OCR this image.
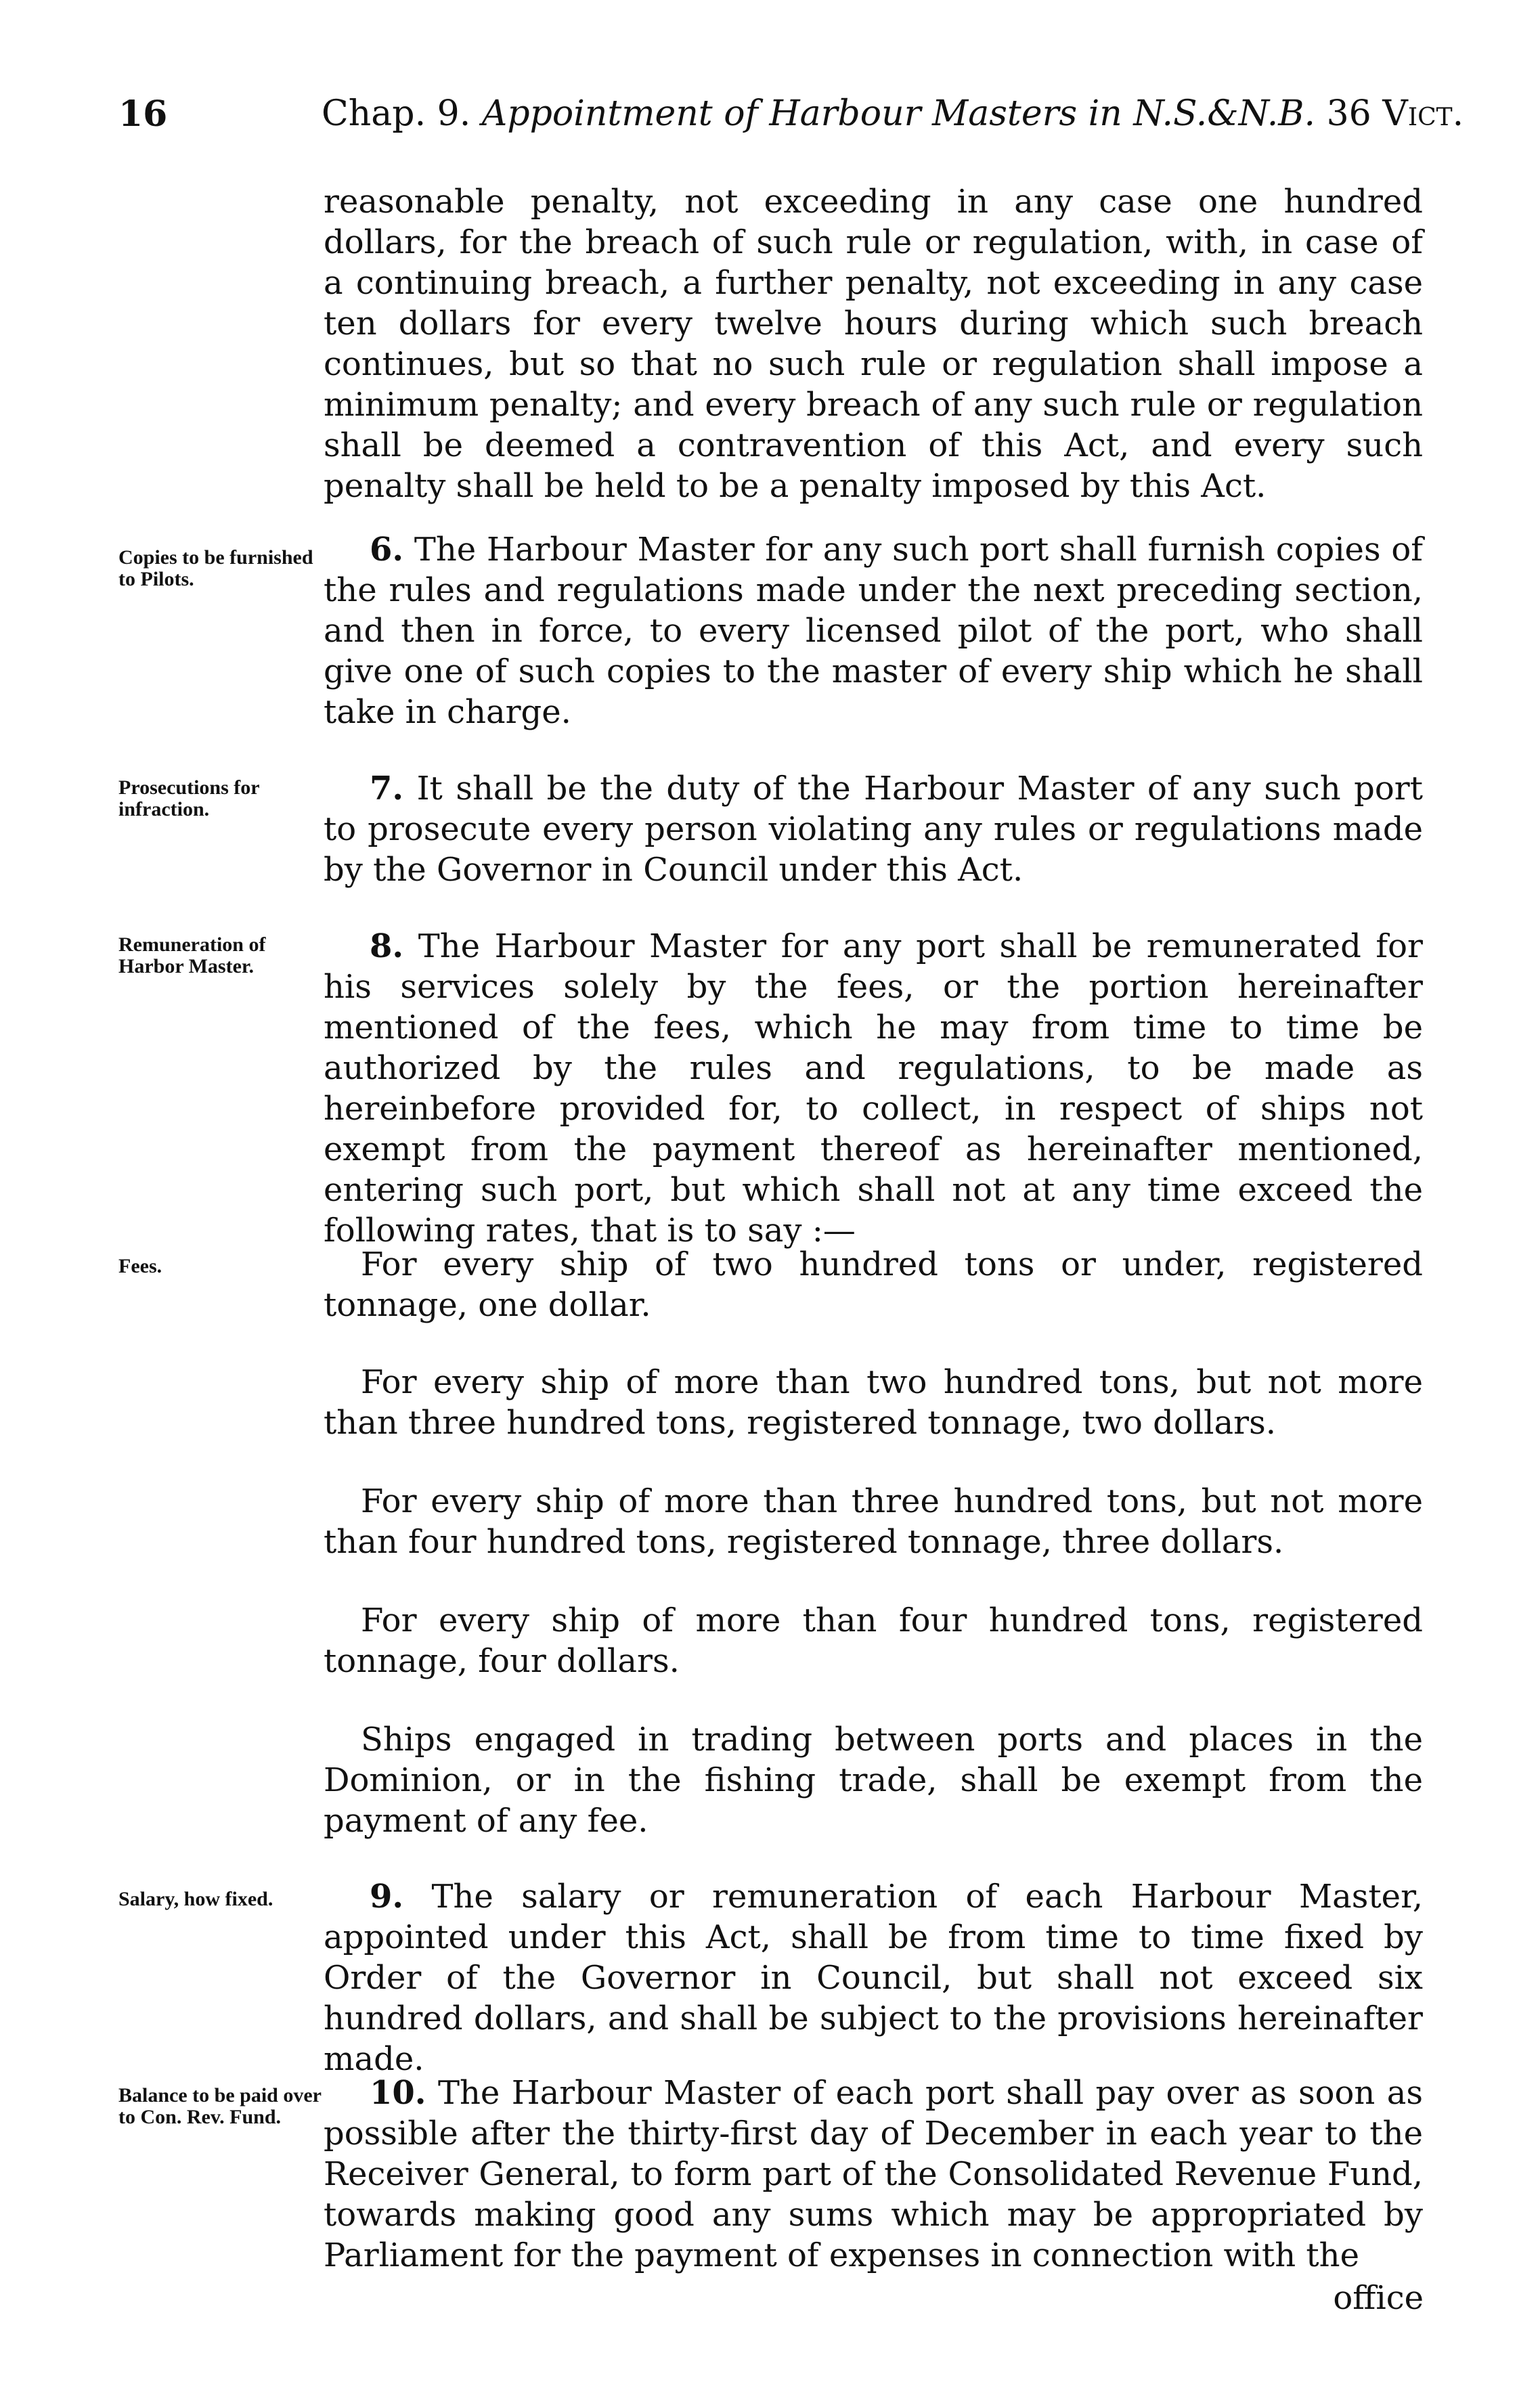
16	Chap. 9. Appointment of Harbour Masters in N.S.&N.B. 36 Vict.
reasonable penalty, not exceeding in any case one hundred dollars, for the breach of such rule or regulation, with, in case of a continuing breach, a further penalty, not exceeding in any case ten dollars for every twelve hours during which such breach continues, but so that no such rule or regulation shall impose a minimum penalty; and every breach of any such rule or regulation shall be deemed a contravention of this Act, and every such penalty shall be held to be a penalty imposed by this Act.
Copies to be furnished to Pilots.
6. The Harbour Master for any such port shall furnish copies of the rules and regulations made under the next preceding section, and then in force, to every licensed pilot of the port, who shall give one of such copies to the master of every ship which he shall take in charge.
Prosecutions for infraction.
7. It shall be the duty of the Harbour Master of any such port to prosecute every person violating any rules or regulations made by the Governor in Council under this Act.
Remuneration of Harbor Master.
8. The Harbour Master for any port shall be remunerated for his services solely by the fees, or the portion hereinafter mentioned of the fees, which he may from time to time be authorized by the rules and regulations, to be made as hereinbefore provided for, to collect, in respect of ships not exempt from the payment thereof as hereinafter mentioned, entering such port, but which shall not at any time exceed the following rates, that is to say :—
Fees.	For every ship of two hundred tons or under, registered tonnage, one dollar.
For every ship of more than two hundred tons, but not more than three hundred tons, registered tonnage, two dollars.
For every ship of more than three hundred tons, but not more than four hundred tons, registered tonnage, three dollars.
For every ship of more than four hundred tons, registered tonnage, four dollars.
Ships engaged in trading between ports and places in the Dominion, or in the fishing trade, shall be exempt from the payment of any fee.
Salary, how fixed.	9. The salary or remuneration of each Harbour Master, appointed under this Act, shall be from time to time fixed by Order of the Governor in Council, but shall not exceed six hundred dollars, and shall be subject to the provisions hereinafter made.
Balance to be paid over to Con. Rev. Fund.
10. The Harbour Master of each port shall pay over as soon as possible after the thirty-first day of December in each year to the Receiver General, to form part of the Consolidated Revenue Fund, towards making good any sums which may be appropriated by Parliament for the payment of expenses in connection with the
office
